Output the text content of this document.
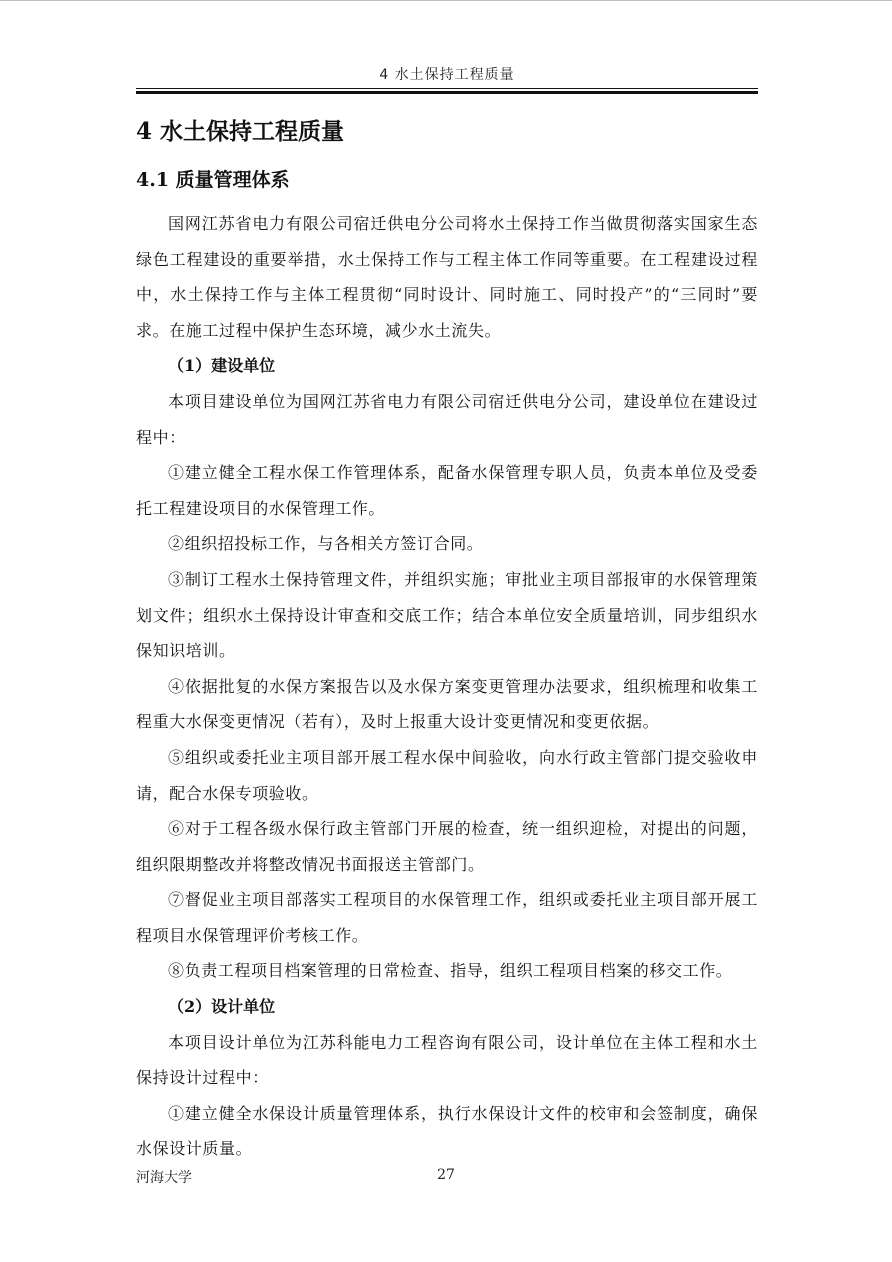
4 水土保持工程质量
4 水土保持工程质量
4.1 质量管理体系

国网江苏省电力有限公司宿迁供电分公司将水土保持工作当做贯彻落实国家生态绿色工程建设的重要举措，水土保持工作与工程主体工作同等重要。在工程建设过程中，水土保持工作与主体工程贯彻“同时设计、同时施工、同时投产”的“三同时”要求。在施工过程中保护生态环境，减少水土流失。

（1）建设单位

本项目建设单位为国网江苏省电力有限公司宿迁供电分公司，建设单位在建设过程中：

①建立健全工程水保工作管理体系，配备水保管理专职人员，负责本单位及受委托工程建设项目的水保管理工作。

②组织招投标工作，与各相关方签订合同。

③制订工程水土保持管理文件，并组织实施；审批业主项目部报审的水保管理策划文件；组织水土保持设计审查和交底工作；结合本单位安全质量培训，同步组织水保知识培训。

④依据批复的水保方案报告以及水保方案变更管理办法要求，组织梳理和收集工程重大水保变更情况（若有），及时上报重大设计变更情况和变更依据。

⑤组织或委托业主项目部开展工程水保中间验收，向水行政主管部门提交验收申请，配合水保专项验收。

⑥对于工程各级水保行政主管部门开展的检查，统一组织迎检，对提出的问题，组织限期整改并将整改情况书面报送主管部门。

⑦督促业主项目部落实工程项目的水保管理工作，组织或委托业主项目部开展工程项目水保管理评价考核工作。

⑧负责工程项目档案管理的日常检查、指导，组织工程项目档案的移交工作。

（2）设计单位

本项目设计单位为江苏科能电力工程咨询有限公司，设计单位在主体工程和水土保持设计过程中：

①建立健全水保设计质量管理体系，执行水保设计文件的校审和会签制度，确保水保设计质量。

河海大学	27
